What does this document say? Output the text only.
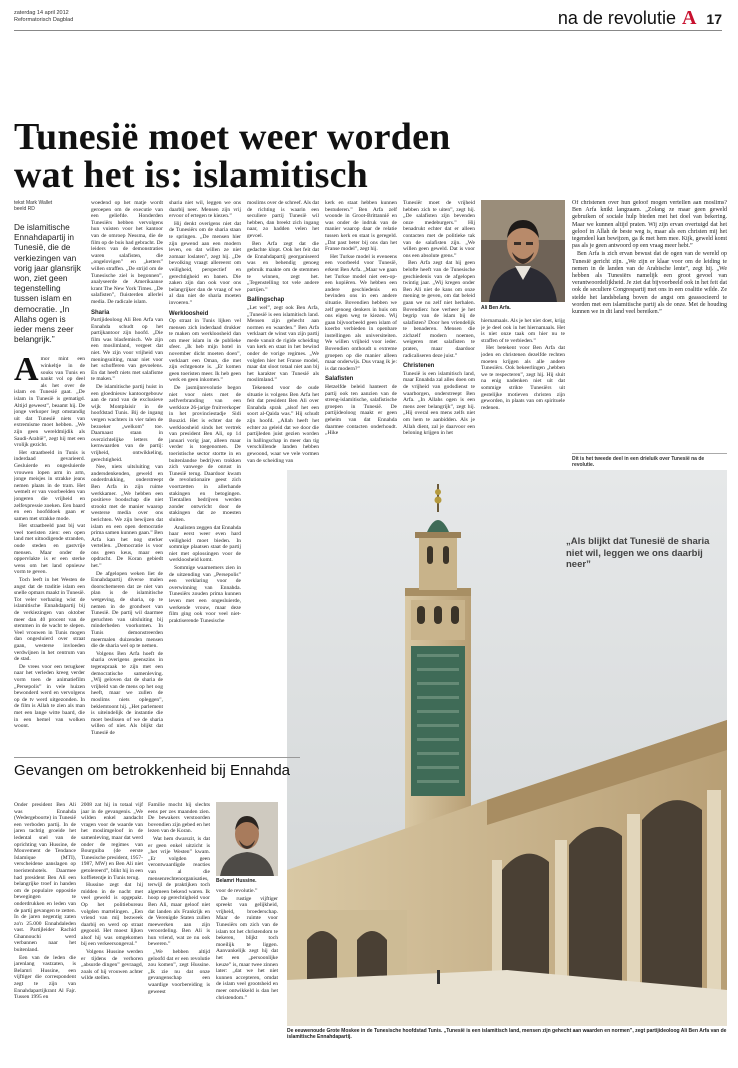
zaterdag 14 april 2012
Reformatorisch Dagblad	na de revolutie A 17
Tunesië moet weer worden
wat het is: islamitisch
tekst Mark Wallet
beeld RD
De islamitische Ennahdapartij in Tunesië, die de verkiezingen van vorig jaar glansrijk won, ziet geen tegenstelling tussen islam en democratie. „In Allahs ogen is ieder mens zeer belangrijk.”

Amor mint een winkeltje in de souks van Tunis en nankt vol op deel als het over de islam en Tunesië gaat. „De islam in Tunesië is gematigd. Altijd geweest”, beaamt hij. De jonge verkoper legt omstandig uit dat Tunesië niets van extremisme moet hebben. „We zijn geen wereldmijdik als Saudi-Arabië”, zegt hij met een vrolijk gezicht.

Het straatbeeld in Tunis is inderdaad gevarieerd. Gesluierde en ongesluierde vrouwen lopen arm in arm, jonge meisjes in strakke jeans nemen plaats in de tram. Het wemelt er van voorbeelden van jongeren die vrijheid en zelfexpressie zoeken. Een baard en een hoofddoek gaan er samen met strakke mode.

Het straatbeeld past bij wat veel toeristen zien: een open land met uitnodigende stranden, oude steden en gastvrije mensen. Maar onder de oppervlakte is er een sterke wens om het land opnieuw vorm te geven.

Toch leeft in het Westen de angst dat de traditie islam een snelle opmars maakt in Tunesië. Tot veler verbazing wist de islamitische Ennahdapartij bij de verkiezingen van oktober meer dan 40 procent van de stemmen in de wacht te slepen. Veel vrouwen in Tunis mogen dan ongesluierd over straat gaan, westerse invloeden verdwijnen in het centrum van de stad.

De vrees voor een terugkeer naar het verleden kreeg verder vorm toen de animatiefilm „Persepolis” in vele huizen bewonderd werd en vervolgens op de tv werd uitgezonden. In de film is Allah te zien als man met een lange witte baard, die in een hemel van wolken woont.

woedend op het matje wordt geroepen om de executie van een geliefde. Honderden Tunesiërs hebben vervolgens hun vuisten voor het kantoor van de omroep Nessma, die de film op de buis had gebracht. De leiders van de demonstraties waren salafisten, die „ongelovigen” en „ketters” willen straffen. „De strijd om de Tunesische ziel is begonnen”, analyseerde de Amerikaanse krant The New York Times. „De salafisten”, fluisterden allerlei media. De radicale islam.

Sharia

Partijideoloog Ali Ben Arfa van Ennahda schudt op het partijkantoor zijn hoofd. „Die film was blasfemisch. We zijn een moslimland, vergeet dat niet. We zijn voor vrijheid van meningsuiting, maar niet voor het schofferen van gevoelens. En dat heeft niets met salafisme te maken.”

De islamitische partij huist in een gloednieuw kantoorgebouw aan de rand van de exclusieve wijk Montplaisir in de hoofdstad Tunis. Bij de ingang vergen wachters in vier talen de bezoeker „welkom” toe. Daarnaast staan in overzichtelijke letters de kernwaarden van de partij: vrijheid, ontwikkeling, gerechtigheid.

Nee, niets uitsluiting van andersdenkenden, geweld en onderdrukking, onderstreept Ben Arfa in zijn ruime werkkamer. „We hebben een positieve boodschap die niet strookt met de manier waarop westerse media over ons berichten. We zijn bewijzen dat islam en een open democratie prima samen kunnen gaan.” Ben Arfa kan het nog sterker vertellen. „Democratie is voor ons geen keus, maar een opdracht. De Koran gebiedt het.”

De afgelopen weken liet de Ennahdapartij diverse malen doorschemeren dat ze niet van plan is de islamitische wetgeving, de sharia, op te nemen in de grondwet van Tunesië. De partij wil daarmee geruchten van uitsluiting bij minderheden voorkomen. In Tunis demonstreerden meermalen duizenden mensen die de sharia wel op te nemen.

Volgens Ben Arfa hoeft de sharia overigens geenszins in tegenspraak te zijn met een democratische samenleving. „Wij geloven dat de sharia de vrijheid van de mens op het oog heeft, maar we zullen de moslims niets opleggen”, beklemtoont hij. „Het parlement is uiteindelijk de instantie die moet beslissen of we de sharia willen of niet. Als blijkt dat Tunesië de

sharia niet wil, leggen we ons daarbij neer. Mensen zijn vrij ervoor of ertegen te kiezen.”

Hij denkt overigens niet dat de Tunesiërs om de sharia staan te springen. „De mensen hier zijn gewend aan een modern leven, en dat willen ze niet zomaar loslaten”, zegt hij. „De bevolking vraagt allereerst om veiligheid, perspectief en gerechtigheid en banen. Die zaken zijn dan ook voor ons belangrijker dan de vraag of we al dan niet de sharia moeten invoeren.”

Werkloosheid

Op straat in Tunis lijken vel mensen zich inderdaad drukker te maken om werkloosheid dan om meer islam in de publieke sfeer. „Ik heb mijn hotel in november dicht moeten doen”, verklaart een Oman, die met zijn echtgenote is. „Er komen geen toeristen meer. Ik heb geen werk en geen inkomen.”

De jasmijnrevolutie begon niet voor niets met de zelfverbranding van een werkloze 26-jarige fruitverkoper in het provinciestadje Sidi Bouzid. Het is echter dat de werkloosheid sinds het vertrek van president Ben Ali, op 14 januari vorig jaar, alleen maar verder is toegenomen. De toeristische sector stortte in en buitenlandse bedrijven trokken zich vanwege de onrust in Tunesië terug. Daardoor kwam de revolutionaire geest zich voortzetten in allerhande stakingen en betogingen. Tientallen bedrijven werden zonder ontwricht door de stakingen dat ze moesten sluiten.

Analisten zeggen dat Ennahda haar eerst weer even hard veiligheid moet bieden. In sommige plaatsen staat de partij niet met oplossingen voor de werkloosheid komt.

Sommige waarnemers zien in de uitzending van „Persepolis” een verklaring voor de overwinning van Ennahda. Tunesiërs zouden prima kunnen leven met een ongesluierde, werkende vrouw, maar deze film ging ook voor veel niet-praktiserende Tunesische

moslims over de schreef. Als dat de richting is waarin een seculiere partij Tunesië wil hebben, dan breekt zich ingang naar, zo hadden velen het gevoel.

Ben Arfa zegt dat die gedachte klopt. Ook het feit dat de Ennahdapartij georganiseerd was en behendig genoeg gebruik maakte om de stemmen te winnen, zegt het. „Tegenstelling tot vele andere partijen.”

Ballingschap

„Let wel”, zegt ook Ben Arfa, „Tunesië is een islamitisch land. Mensen zijn gehecht aan normen en waarden.” Ben Arfa verklaart de winst van zijn partij mede vanuit de rigide scheiding van kerk en staat in het bewind onder de vorige regimes. „We volgden hier het Franse model, maar dat sloot totaal niet aan bij het karakter van Tunesië als moslimland.”

Tekenend voor de oude situatie is volgens Ben Arfa het feit dat president Ben Ali over Ennahda sprak „alsof het een soort al-Qaida was.” Hij schudt zijn hoofd. „Allah heeft het echter zo geleid dat we door die partijleden juist gezien worden in ballingschap in meer dan tig verschillende landen hebben gewoond, waar we vele vormen van de scheiding van

kerk en staat hebben kunnen bestuderen.” Ben Arfa zelf woonde in Groot-Brittannië en was onder de indruk van de manier waarop daar de relatie tussen kerk en staat is geregeld. „Dat past beter bij ons dan het Franse model”, zegt hij.

Het Turkse model is eveneens een voorbeeld voor Tunesië, erkent Ben Arfa. „Maar we gaan het Turkse model niet een-op-een kopiëren. We hebben een andere geschiedenis en bevinden ons in een andere situatie. Bovendien hebben we zelf genoeg denkers in huis om ons eigen weg te kiezen. Wij gaan bijvoorbeeld geen islam of koerbo verbieden in openbare instellingen als universiteiten. We willen vrijheid voor ieder. Bovendien onthoudt u extreme groepen op die manier alleen maar onderwijs. Dus vraag ik je: is dat modern?”

Salafisten

Hetzelfde beleid hanteert de partij ook ten aanzien van de streng-islamitische, salafistische groepen in Tunesië. De partijideoloog maakt er geen geheim van dat Ennahda daarmee contacten onderhoudt. „Hike

Tunesiër moet de vrijheid hebben zich te uiten”, zegt hij. „De salafisten zijn bevenden onze medeburgers.” Hij benadrukt echter dat er alleen contacten met de politieke tak van de salafisten zijn. „We willen geen geweld. Dat is voor ons een absolute grens.”

Ben Arfa zegt dat hij geen belofte heeft van de Tunesische geschiedenis van de afgelopen twintig jaar. „Wij kregen onder Ben Ali niet de kans om onze mening te geven, om dat beleid gaan we nu zelf niet herhalen. Bovendien: hoe verheer je het begrip van de islam bij de salafisten? Door hen vriendelijk te benaderen. Mensen die zichzelf modern noemen, weigeren met salafisten te praten, maar daardoor radicaliseren deze juist.”

Christenen

Tunesië is een islamitisch land, maar Ennahda zal alles doen om de vrijheid van godsdienst te waarborgen, onderstreept Ben Arfa. „In Allahs ogen is een mens zeer belangrijk”, zegt hij. „Hij overal een mens zelfs niet om hem te aanbidden. Als je Allah dient, zal je daarvoor een beloning krijgen in het

Ali Ben Arfa.

hiernamaals. Als je het niet doet, krijg je je deel ook in het hiernamaals. Het is niet onze taak om hier nu te straffen of te verbieden.”

Het betekent voor Ben Arfa dat joden en christenen dezelfde rechten moeten krijgen als alle andere Tunesiërs. Ook bekeerlingen „hebben we te respecteren”, zegt hij. Hij sluit na enig nadenken niet uit dat sommige strikte Tunesiërs uit gestelijke motieven christen zijn geworden, in plaats van om spirituele redenen.

Of christenen over hun geloof mogen vertellen aan moslims? Ben Arfa knikt langzaam. „Zolang ze maar geen geweld gebruiken of sociale hulp bieden met het doel van bekering. Maar we kunnen altijd praten. Wij zijn ervan overtuigd dat het geloof in Allah de beste weg is, maar als een christen mij het tegendeel kan bewijzen, ga ik met hem mee. Kijk, geweld komt pas als je geen antwoord op een vraag meer hebt.”

Ben Arfa is zich ervan bewust dat de ogen van de wereld op Tunesië gericht zijn. „We zijn er klaar voor om de leiding te nemen in de landen van de Arabische lente”, zegt hij. „We hebben als Tunesiërs namelijk een groot gevoel van verantwoordelijkheid. Je ziet dat bijvoorbeeld ook in het feit dat ook de seculiere Congrespartij met ons in een coalitie wilde. Ze stelde het landsbelang boven de angst om geassocieerd te worden met een islamitische partij als de onze. Met de houding kunnen we in dit land veel bereiken.”

Dit is het tweede deel in een drieluik over Tunesië na de revolutie.
„Als blijkt dat Tunesië de sharia niet wil, leggen we ons daarbij neer”
De eeuwenoude Grote Moskee in de Tunesische hoofdstad Tunis. „Tunesië is een islamitisch land, mensen zijn gehecht aan waarden en normen”, zegt partijideoloog Ali Ben Arfa van de islamitische Ennahdapartij.
Gevangen om betrokkenheid bij Ennahda

Onder president Ben Ali was Ennahda (Wedergeboorte) in Tunesië een verboden partij. In de jaren tachtig groeide het ledental snel van de oprichting van Hussine, de Mouvement de Tendance Islamique (MTI), verscheidene aanslagen op toeristenhotels. Daarmee had president Ben Ali een belangrijke troef in handen om de populaire oppositie bewegingen te onderdrukken en leden van de partij gevangen te zetten. In de jaren negentig zaten zo'n 25.000 Ennahdaleden vast. Partijleider Rachid Ghannouchi werd verbannen naar het buitenland.

Een van de leden die jarenlang vastzaten, is Belamri Hussine, een vijftiger die correspondent zegt te zijn van Ennahdapartijkrant Al Fajr. Tussen 1995 en

2008 zat hij in totaal vijf jaar in de gevangenis. „We wilden enkel aandacht vragen voor de waarde van het moslimgeloof in de samenleving, maar dat werd onder de regimes van Bourguiba (de eerste Tunesische president, 1957-1987, MW) en Ben Ali niet getolereerd”, blikt hij in een koffietentje in Tunis terug.

Hussine zegt dat hij midden in de nacht met veel geweld is opgepakt. Op het politiebureau volgden martelingen. „Een vriend van mij bezweek daarbij en werd op straat gegooid. Het moest lijken alsof hij was omgekomen bij een verkeersongeval.”

Volgens Hussine werden er tijdens de verhoren „absurde dingen” gevraagd, zoals of hij vrouwen achter wilde stellen.

Familie mocht hij slechts eens per zes maanden zien. De bewakers verstoorden bovendien zijn gebed en het lezen van de Koran.

Wat hem dwarszit, is dat er geen enkel uitzicht is „het vrije Westen” kwam. „Er volgden geen verontwaardigde reacties van al die mensenrechtenorganisaties, terwijl de praktijken toch algemeen bekend waren. Ik hoop op gerechtigheid voor Ben Ali, maar geloof niet dat landen als Frankrijk en de Verenigde Staten zullen meewerken aan zijn veroordeling. Ben Ali is hun vriend, wat ze nu ook beweren.”

„We hebben altijd geloofd dat er een revolutie zou komen”, zegt Hussine. „Ik zie nu dat onze gevangenschap een waardige voorbereiding is geweest

Belamri Hussine.

voor de revolutie.”

De rustige vijftiger spreekt van gelijkheid, vrijheid, broederschap. Maar de ruimte voor Tunesiërs om zich van de islam tot het christendom te bekeren, blijkt toch moeilijk te liggen. Aanvankelijk zegt hij dat het een „persoonlijke keuze” is, maar twee zinnen later: „dat we het niet kunnen accepteren, omdat de islam veel grootsheid en meer ontwikkeld is dan het christendom.”
